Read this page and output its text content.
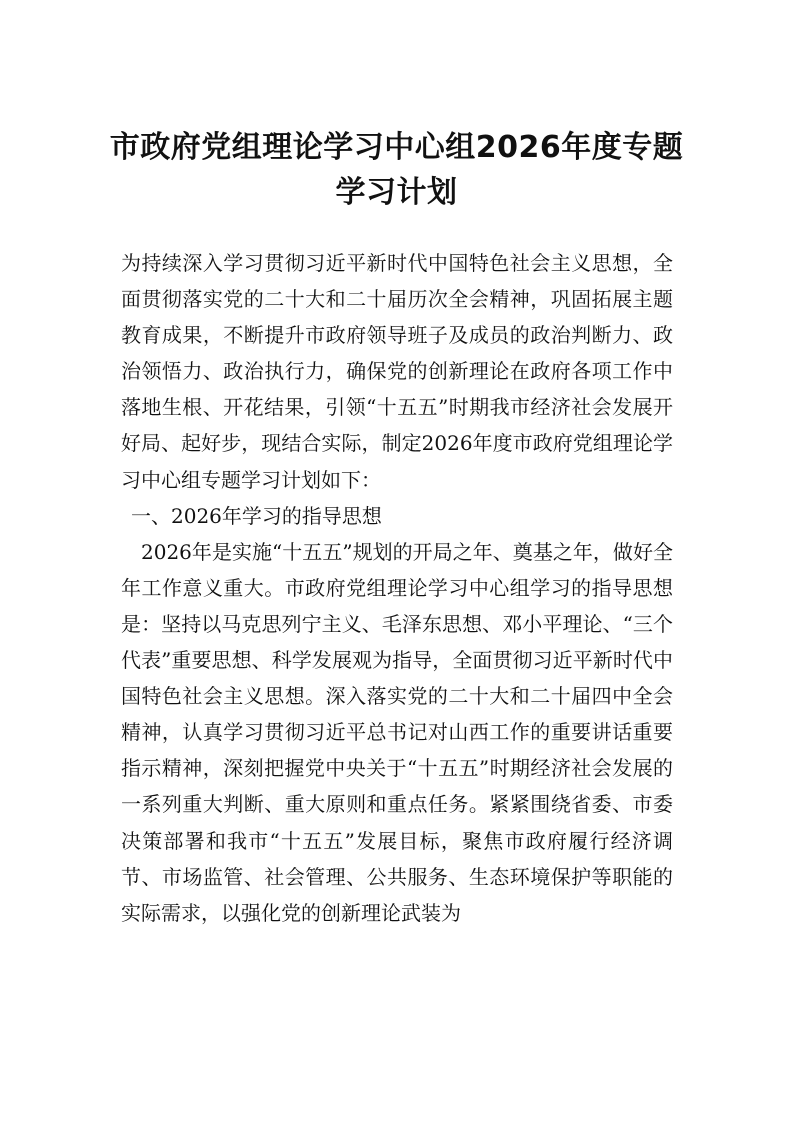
市政府党组理论学习中心组2026年度专题
学习计划

为持续深入学习贯彻习近平新时代中国特色社会主义思想，全面贯彻落实党的二十大和二十届历次全会精神，巩固拓展主题教育成果，不断提升市政府领导班子及成员的政治判断力、政治领悟力、政治执行力，确保党的创新理论在政府各项工作中落地生根、开花结果，引领“十五五”时期我市经济社会发展开好局、起好步，现结合实际，制定2026年度市政府党组理论学习中心组专题学习计划如下：

一、2026年学习的指导思想

2026年是实施“十五五”规划的开局之年、奠基之年，做好全年工作意义重大。市政府党组理论学习中心组学习的指导思想是：坚持以马克思列宁主义、毛泽东思想、邓小平理论、“三个代表”重要思想、科学发展观为指导，全面贯彻习近平新时代中国特色社会主义思想。深入落实党的二十大和二十届四中全会精神，认真学习贯彻习近平总书记对山西工作的重要讲话重要指示精神，深刻把握党中央关于“十五五”时期经济社会发展的一系列重大判断、重大原则和重点任务。紧紧围绕省委、市委决策部署和我市“十五五”发展目标，聚焦市政府履行经济调节、市场监管、社会管理、公共服务、生态环境保护等职能的实际需求，以强化党的创新理论武装为
